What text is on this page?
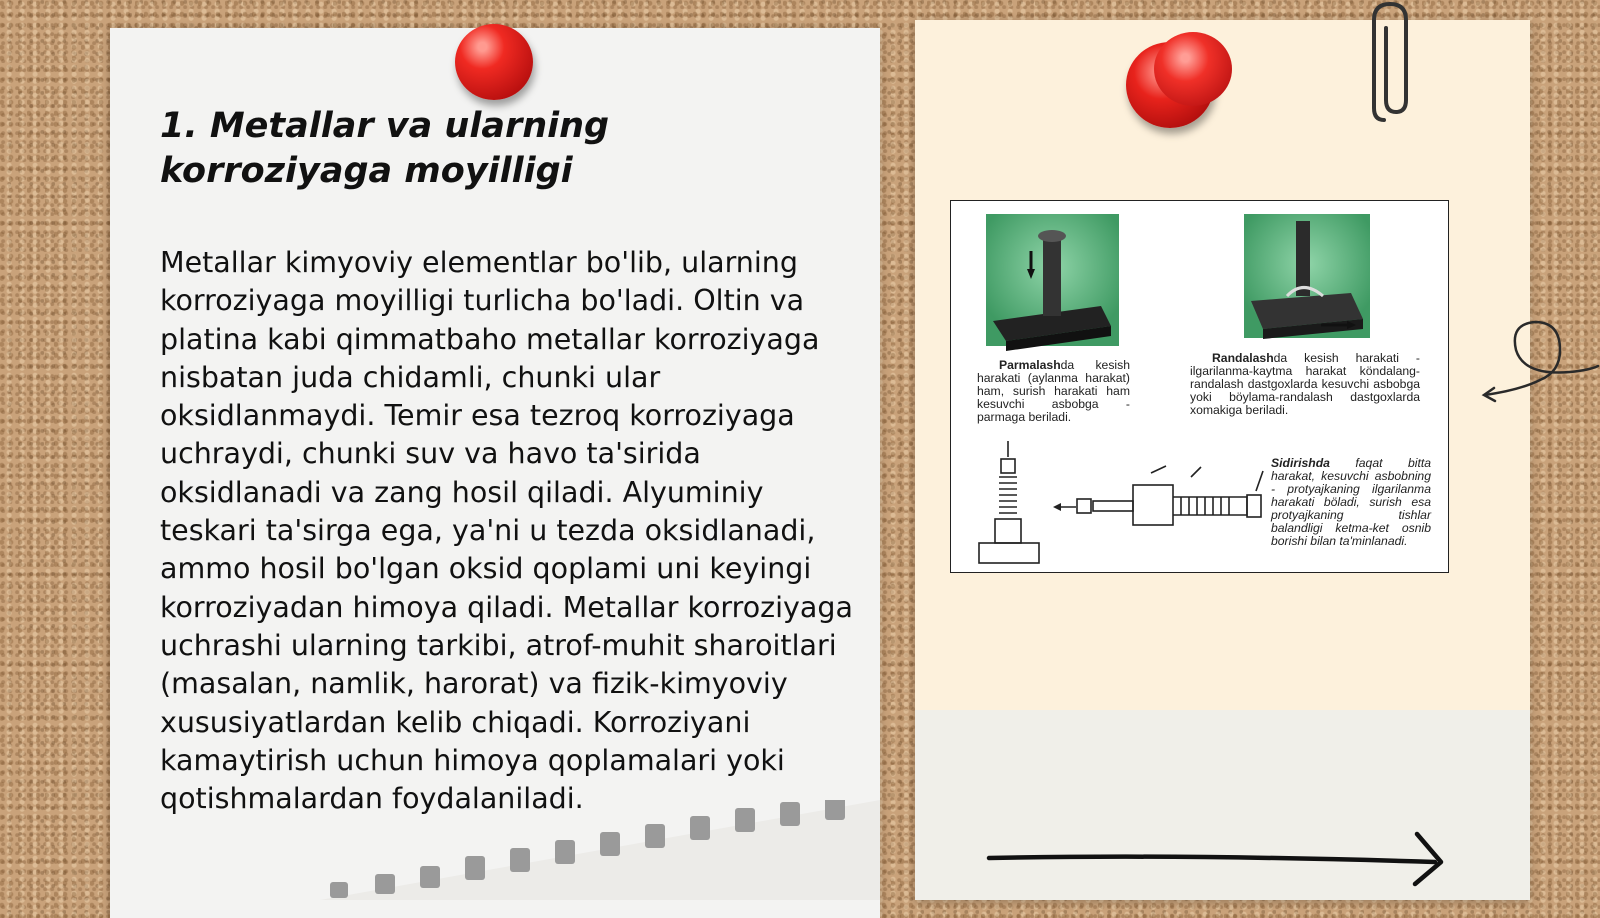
1. Metallar va ularning korroziyaga moyilligi

Metallar kimyoviy elementlar bo'lib, ularning korroziyaga moyilligi turlicha bo'ladi. Oltin va platina kabi qimmatbaho metallar korroziyaga nisbatan juda chidamli, chunki ular oksidlanmaydi. Temir esa tezroq korroziyaga uchraydi, chunki suv va havo ta'sirida oksidlanadi va zang hosil qiladi. Alyuminiy teskari ta'sirga ega, ya'ni u tezda oksidlanadi, ammo hosil bo'lgan oksid qoplami uni keyingi korroziyadan himoya qiladi. Metallar korroziyaga uchrashi ularning tarkibi, atrof-muhit sharoitlari (masalan, namlik, harorat) va fizik-kimyoviy xususiyatlardan kelib chiqadi. Korroziyani kamaytirish uchun himoya qoplamalari yoki qotishmalardan foydalaniladi.

Parmalashda kesish harakati (aylanma harakat) ham, surish harakati ham kesuvchi asbobga - parmaga beriladi.

Randalashda kesish harakati - ilgarilanma-kaytma harakat köndalang-randalash dastgoxlarda kesuvchi asbobga yoki böylama-randalash dastgoxlarda xomakiga beriladi.

Sidirishda faqat bitta harakat, kesuvchi asbobning - protyajkaning ilgarilanma harakati böladi, surish esa protyajkaning tishlar balandligi ketma-ket osnib borishi bilan ta'minlanadi.
